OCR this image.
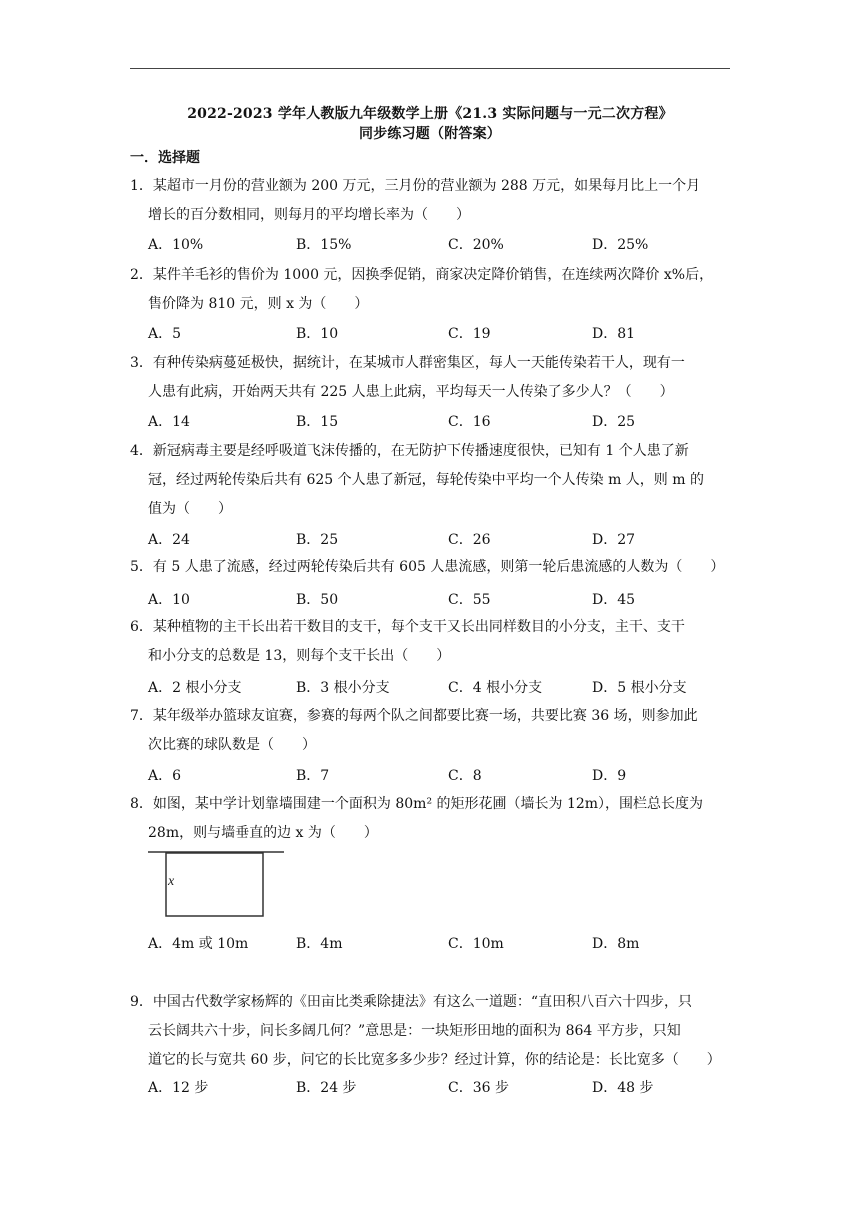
2022-2023 学年人教版九年级数学上册《21.3 实际问题与一元二次方程》
同步练习题（附答案）
一．选择题
1．某超市一月份的营业额为 200 万元，三月份的营业额为 288 万元，如果每月比上一个月
增长的百分数相同，则每月的平均增长率为（　　）
A．10%	B．15%	C．20%	D．25%
2．某件羊毛衫的售价为 1000 元，因换季促销，商家决定降价销售，在连续两次降价 x%后，
售价降为 810 元，则 x 为（　　）
A．5	B．10	C．19	D．81
3．有种传染病蔓延极快，据统计，在某城市人群密集区，每人一天能传染若干人，现有一
人患有此病，开始两天共有 225 人患上此病，平均每天一人传染了多少人？（　　）
A．14	B．15	C．16	D．25
4．新冠病毒主要是经呼吸道飞沫传播的，在无防护下传播速度很快，已知有 1 个人患了新
冠，经过两轮传染后共有 625 个人患了新冠，每轮传染中平均一个人传染 m 人，则 m 的
值为（　　）
A．24	B．25	C．26	D．27
5．有 5 人患了流感，经过两轮传染后共有 605 人患流感，则第一轮后患流感的人数为（　　）
A．10	B．50	C．55	D．45
6．某种植物的主干长出若干数目的支干，每个支干又长出同样数目的小分支，主干、支干
和小分支的总数是 13，则每个支干长出（　　）
A．2 根小分支	B．3 根小分支	C．4 根小分支	D．5 根小分支
7．某年级举办篮球友谊赛，参赛的每两个队之间都要比赛一场，共要比赛 36 场，则参加此
次比赛的球队数是（　　）
A．6	B．7	C．8	D．9
8．如图，某中学计划靠墙围建一个面积为 80m² 的矩形花圃（墙长为 12m），围栏总长度为
28m，则与墙垂直的边 x 为（　　）
x
A．4m 或 10m	B．4m	C．10m	D．8m
9．中国古代数学家杨辉的《田亩比类乘除捷法》有这么一道题：“直田积八百六十四步，只
云长阔共六十步，问长多阔几何？”意思是：一块矩形田地的面积为 864 平方步，只知
道它的长与宽共 60 步，问它的长比宽多多少步？经过计算，你的结论是：长比宽多（　　）
A．12 步	B．24 步	C．36 步	D．48 步
